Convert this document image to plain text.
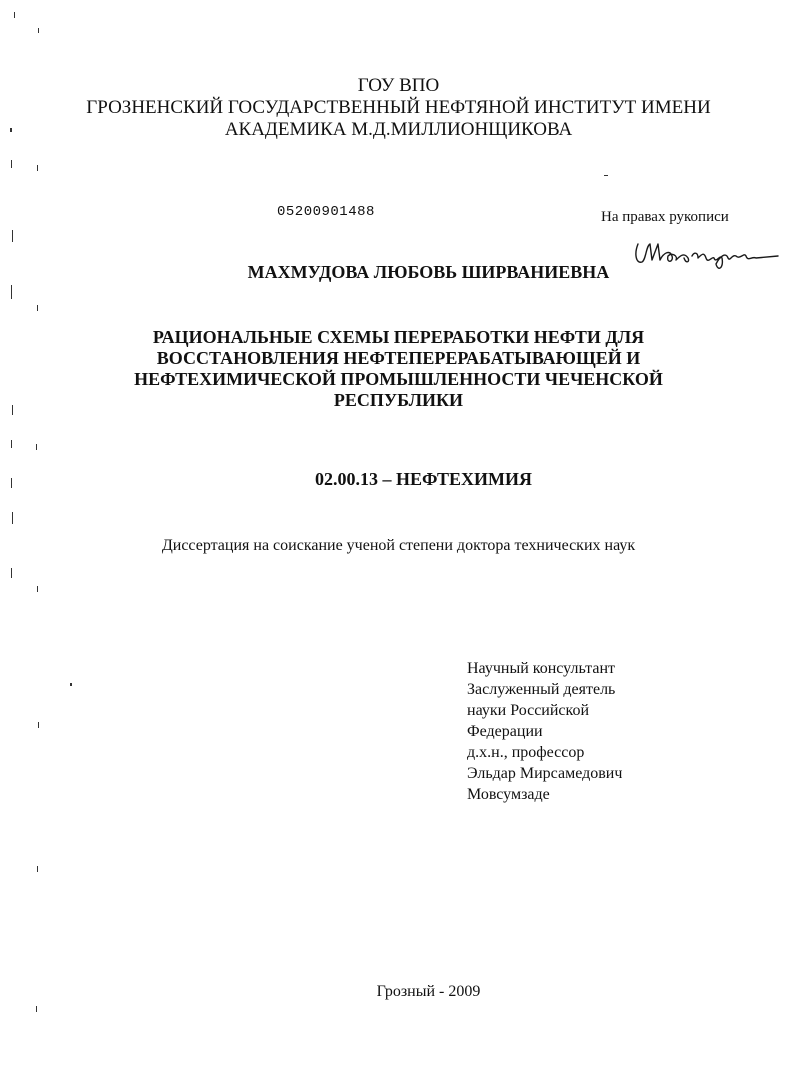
ГОУ ВПО
ГРОЗНЕНСКИЙ ГОСУДАРСТВЕННЫЙ НЕФТЯНОЙ ИНСТИТУТ ИМЕНИ
АКАДЕМИКА М.Д.МИЛЛИОНЩИКОВА
05200901488	На правах рукописи
МАХМУДОВА ЛЮБОВЬ ШИРВАНИЕВНА
РАЦИОНАЛЬНЫЕ СХЕМЫ ПЕРЕРАБОТКИ НЕФТИ ДЛЯ
ВОССТАНОВЛЕНИЯ НЕФТЕПЕРЕРАБАТЫВАЮЩЕЙ И
НЕФТЕХИМИЧЕСКОЙ ПРОМЫШЛЕННОСТИ ЧЕЧЕНСКОЙ
РЕСПУБЛИКИ
02.00.13 – НЕФТЕХИМИЯ
Диссертация на соискание ученой степени доктора технических наук
Научный консультант
Заслуженный деятель
науки Российской
Федерации
д.х.н., профессор
Эльдар Мирсамедович
Мовсумзаде
Грозный - 2009
